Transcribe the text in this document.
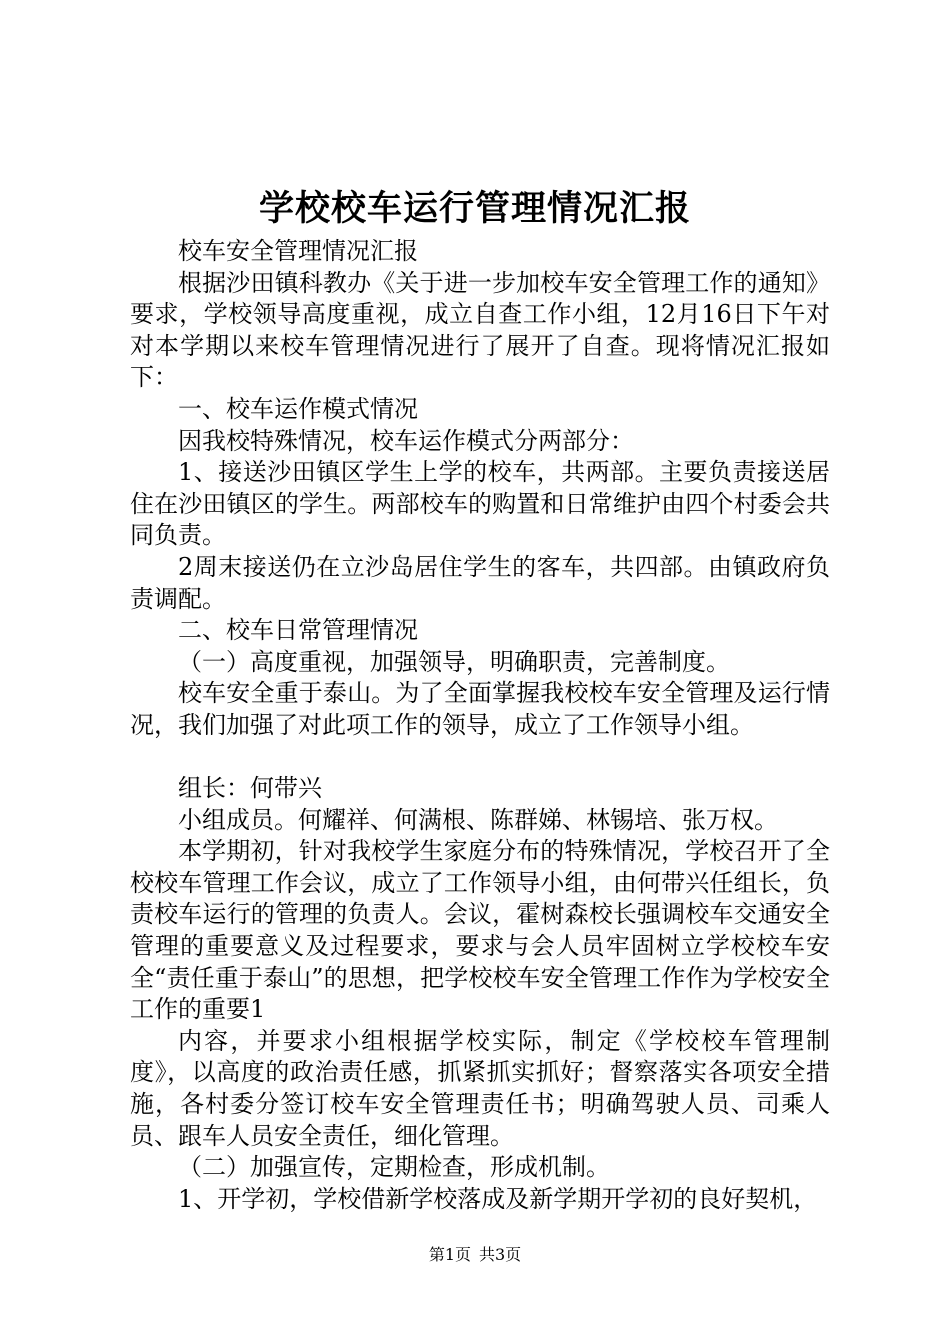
学校校车运行管理情况汇报

校车安全管理情况汇报

根据沙田镇科教办《关于进一步加校车安全管理工作的通知》要求，学校领导高度重视，成立自查工作小组，12月16日下午对对本学期以来校车管理情况进行了展开了自查。现将情况汇报如下：

一、校车运作模式情况

因我校特殊情况，校车运作模式分两部分：

1、接送沙田镇区学生上学的校车，共两部。主要负责接送居住在沙田镇区的学生。两部校车的购置和日常维护由四个村委会共同负责。

2周末接送仍在立沙岛居住学生的客车，共四部。由镇政府负责调配。

二、校车日常管理情况

（一）高度重视，加强领导，明确职责，完善制度。

校车安全重于泰山。为了全面掌握我校校车安全管理及运行情况，我们加强了对此项工作的领导，成立了工作领导小组。

组长：何带兴

小组成员。何耀祥、何满根、陈群娣、林锡培、张万权。

本学期初，针对我校学生家庭分布的特殊情况，学校召开了全校校车管理工作会议，成立了工作领导小组，由何带兴任组长，负责校车运行的管理的负责人。会议，霍树森校长强调校车交通安全管理的重要意义及过程要求，要求与会人员牢固树立学校校车安全“责任重于泰山”的思想，把学校校车安全管理工作作为学校安全工作的重要1

内容，并要求小组根据学校实际，制定《学校校车管理制度》，以高度的政治责任感，抓紧抓实抓好；督察落实各项安全措施，各村委分签订校车安全管理责任书；明确驾驶人员、司乘人员、跟车人员安全责任，细化管理。

（二）加强宣传，定期检查，形成机制。

1、开学初，学校借新学校落成及新学期开学初的良好契机，

第1页 共3页
